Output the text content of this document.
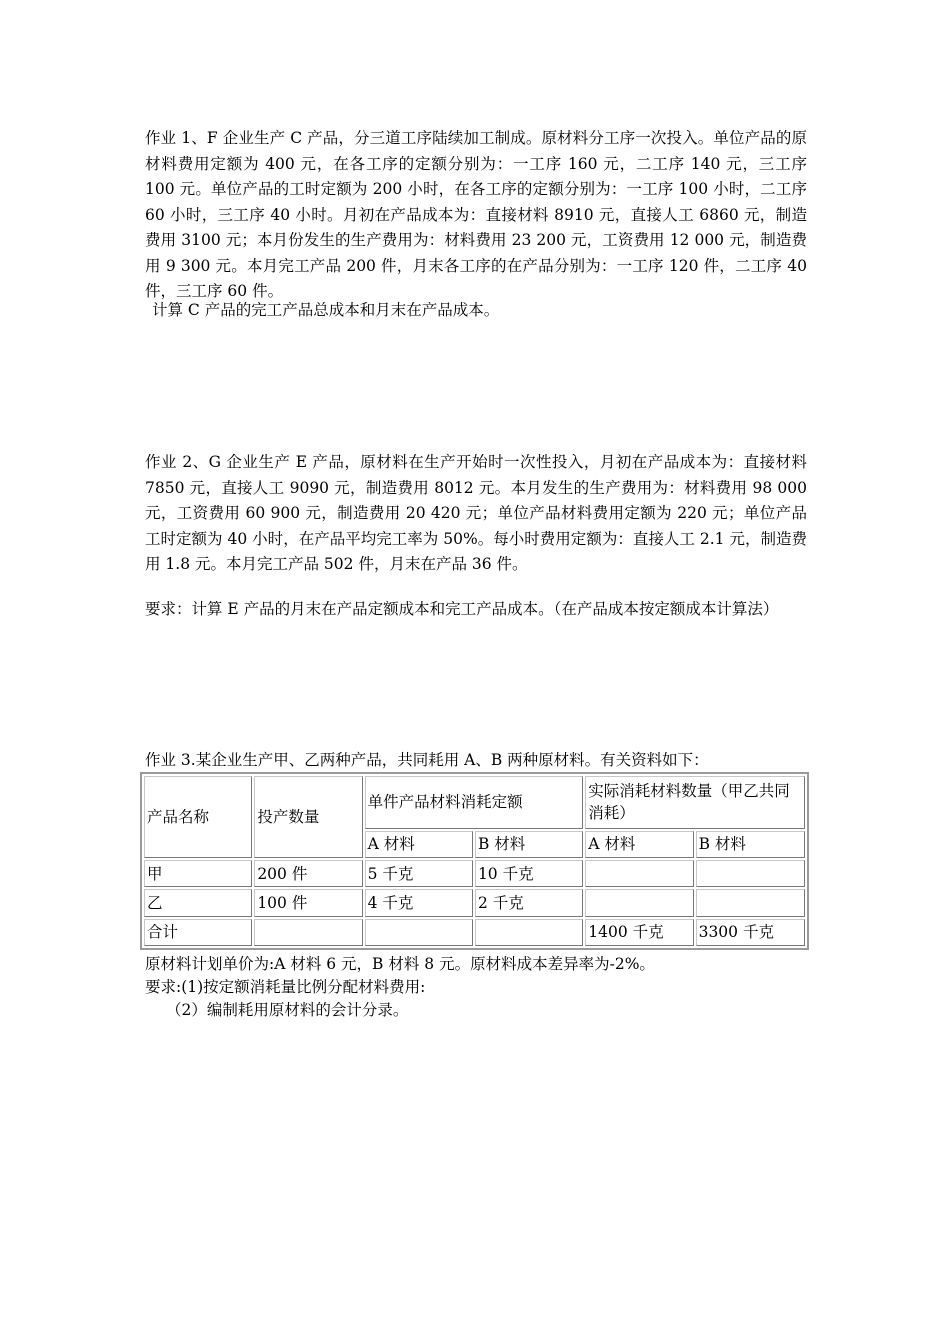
作业 1、F 企业生产 C 产品，分三道工序陆续加工制成。原材料分工序一次投入。单位产品的原材料费用定额为 400 元，在各工序的定额分别为：一工序 160 元，二工序 140 元，三工序 100 元。单位产品的工时定额为 200 小时，在各工序的定额分别为：一工序 100 小时，二工序 60 小时，三工序 40 小时。月初在产品成本为：直接材料 8910 元，直接人工 6860 元，制造费用 3100 元；本月份发生的生产费用为：材料费用 23 200 元，工资费用 12 000 元，制造费用 9 300 元。本月完工产品 200 件，月末各工序的在产品分别为：一工序 120 件，二工序 40 件，三工序 60 件。

计算 C 产品的完工产品总成本和月末在产品成本。

作业 2、G 企业生产 E 产品，原材料在生产开始时一次性投入，月初在产品成本为：直接材料 7850 元，直接人工 9090 元，制造费用 8012 元。本月发生的生产费用为：材料费用 98 000 元，工资费用 60 900 元，制造费用 20 420 元；单位产品材料费用定额为 220 元；单位产品工时定额为 40 小时，在产品平均完工率为 50%。每小时费用定额为：直接人工 2.1 元，制造费用 1.8 元。本月完工产品 502 件，月末在产品 36 件。

要求：计算 E 产品的月末在产品定额成本和完工产品成本。（在产品成本按定额成本计算法）

作业 3.某企业生产甲、乙两种产品，共同耗用 A、B 两种原材料。有关资料如下：

产品名称	投产数量	单件产品材料消耗定额		实际消耗材料数量（甲乙共同消耗）	
		A 材料	B 材料	A 材料	B 材料
甲	200 件	5 千克	10 千克		
乙	100 件	4 千克	2 千克		
合计				1400 千克	3300 千克

原材料计划单价为:A 材料 6 元，B 材料 8 元。原材料成本差异率为-2%。

要求:(1)按定额消耗量比例分配材料费用:

（2）编制耗用原材料的会计分录。
